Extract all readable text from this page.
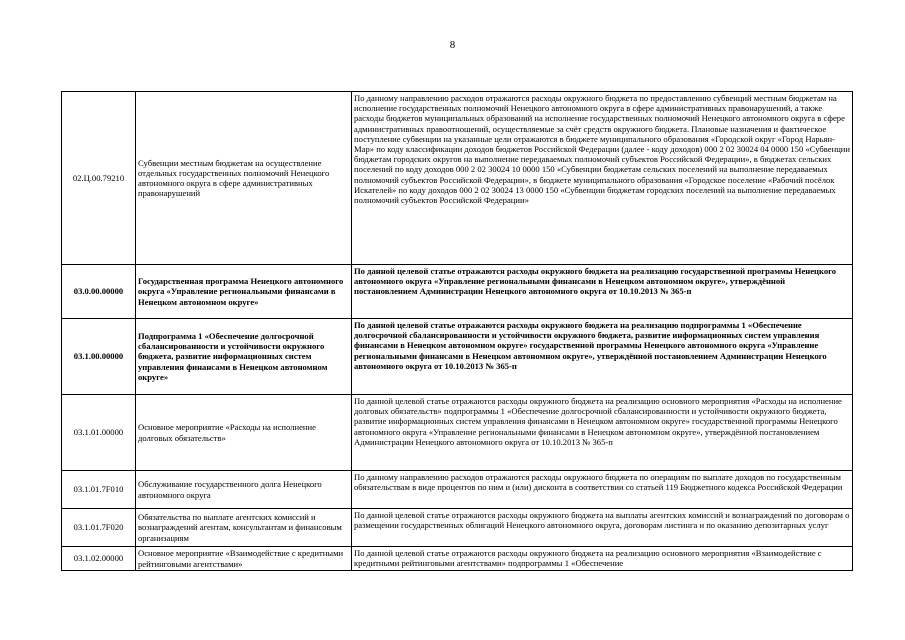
8
02.Ц.00.79210	Субвенции местным бюджетам на осуществление отдельных государственных полномочий Ненецкого автономного округа в сфере административных правонарушений	По данному направлению расходов отражаются расходы окружного бюджета по предоставлению субвенций местным бюджетам на исполнение государственных полномочий Ненецкого автономного округа в сфере административных правонарушений, а также расходы бюджетов муниципальных образований на исполнение государственных полномочий Ненецкого автономного округа в сфере административных правоотношений, осуществляемые за счёт средств окружного бюджета. Плановые назначения и фактическое поступление субвенции на указанные цели отражаются в бюджете муниципального образования «Городской округ «Город Нарьян-Мар» по коду классификации доходов бюджетов Российской Федерации (далее - коду доходов) 000 2 02 30024 04 0000 150 «Субвенции бюджетам городских округов на выполнение передаваемых полномочий субъектов Российской Федерации», в бюджетах сельских поселений по коду доходов 000 2 02 30024 10 0000 150 «Субвенции бюджетам сельских поселений на выполнение передаваемых полномочий субъектов Российской Федерации», в бюджете муниципального образования «Городское поселение «Рабочий посёлок Искателей» по коду доходов 000 2 02 30024 13 0000 150 «Субвенции бюджетам городских поселений на выполнение передаваемых полномочий субъектов Российской Федерации»
03.0.00.00000	Государственная программа Ненецкого автономного округа «Управление региональными финансами в Ненецком автономном округе»	По данной целевой статье отражаются расходы окружного бюджета на реализацию государственной программы Ненецкого автономного округа «Управление региональными финансами в Ненецком автономном округе», утверждённой постановлением Администрации Ненецкого автономного округа от 10.10.2013 № 365-п
03.1.00.00000	Подпрограмма 1 «Обеспечение долгосрочной сбалансированности и устойчивости окружного бюджета, развитие информационных систем управления финансами в Ненецком автономном округе»	По данной целевой статье отражаются расходы окружного бюджета на реализацию подпрограммы 1 «Обеспечение долгосрочной сбалансированности и устойчивости окружного бюджета, развитие информационных систем управления финансами в Ненецком автономном округе» государственной программы Ненецкого автономного округа «Управление региональными финансами в Ненецком автономном округе», утверждённой постановлением Администрации Ненецкого автономного округа от 10.10.2013 № 365-п
03.1.01.00000	Основное мероприятие «Расходы на исполнение долговых обязательств»	По данной целевой статье отражаются расходы окружного бюджета на реализацию основного мероприятия «Расходы на исполнение долговых обязательств» подпрограммы 1 «Обеспечение долгосрочной сбалансированности и устойчивости окружного бюджета, развитие информационных систем управления финансами в Ненецком автономном округе» государственной программы Ненецкого автономного округа «Управление региональными финансами в Ненецком автономном округе», утверждённой постановлением Администрации Ненецкого автономного округа от 10.10.2013 № 365-п
03.1.01.7F010	Обслуживание государственного долга Ненецкого автономного округа	По данному направлению расходов отражаются расходы окружного бюджета по операциям по выплате доходов по государственным обязательствам в виде процентов по ним и (или) дисконта в соответствии со статьей 119 Бюджетного кодекса Российской Федерации
03.1.01.7F020	Обязательства по выплате агентских комиссий и вознаграждений агентам, консультантам и финансовым организациям	По данной целевой статье отражаются расходы окружного бюджета на выплаты агентских комиссий и вознаграждений по договорам о размещении государственных облигаций Ненецкого автономного округа, договорам листинга и по оказанию депозитарных услуг
03.1.02.00000	Основное мероприятие «Взаимодействие с кредитными рейтинговыми агентствами»	По данной целевой статье отражаются расходы окружного бюджета на реализацию основного мероприятия «Взаимодействие с кредитными рейтинговыми агентствами» подпрограммы 1 «Обеспечение
